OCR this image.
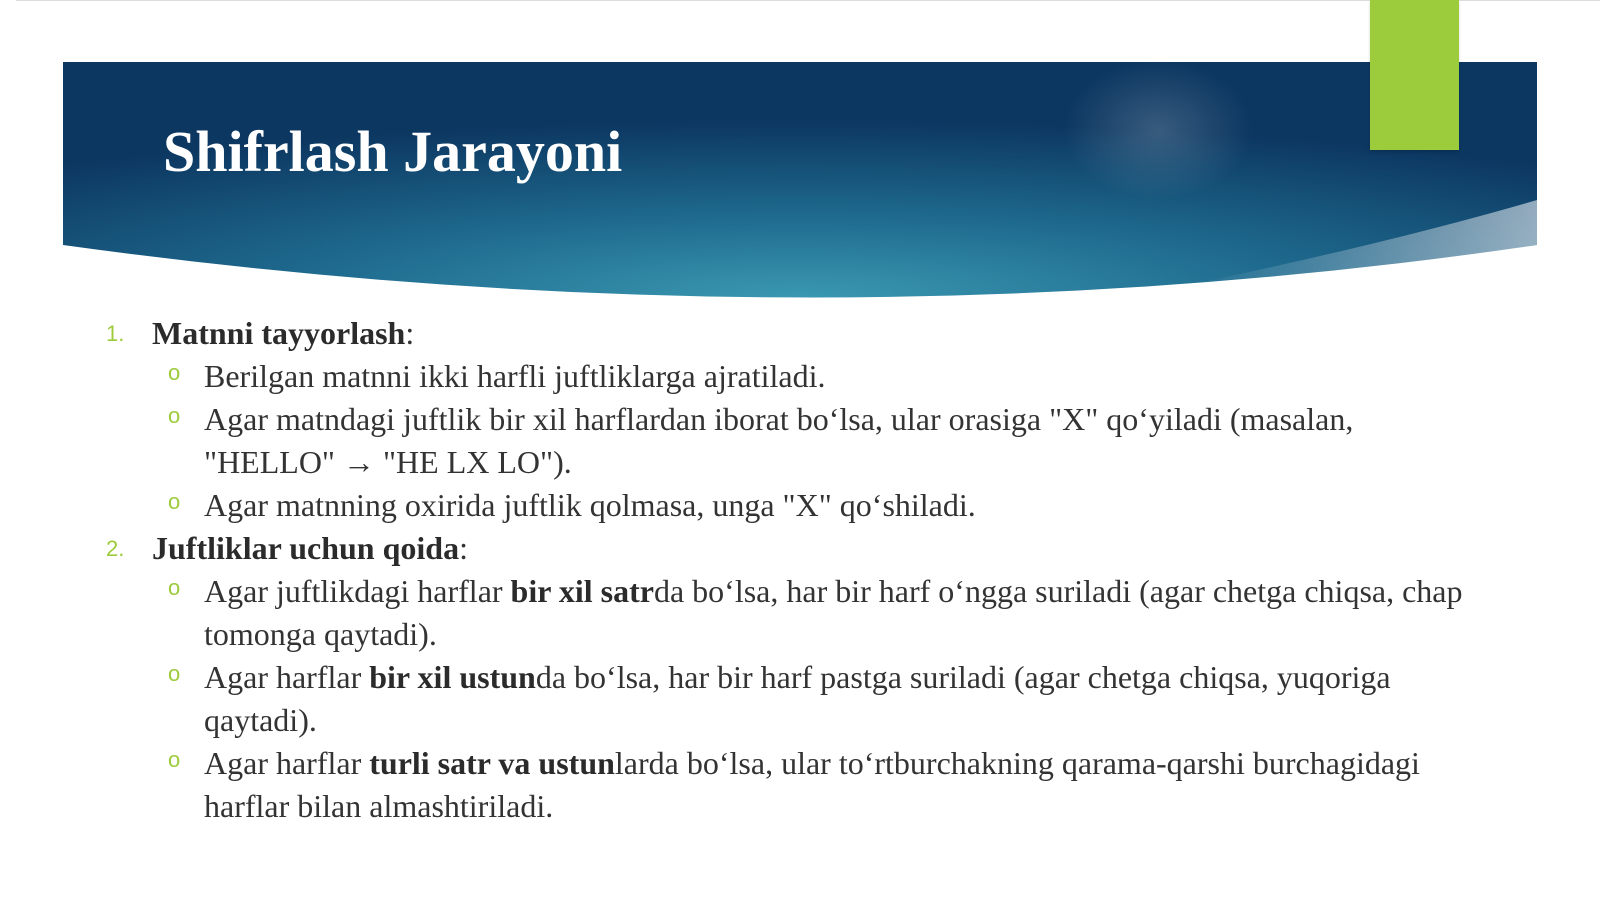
Shifrlash Jarayoni
1. Matnni tayyorlash:
o Berilgan matnni ikki harfli juftliklarga ajratiladi.
o Agar matndagi juftlik bir xil harflardan iborat bo‘lsa, ular orasiga "X" qo‘yiladi (masalan,
"HELLO" → "HE LX LO").
o Agar matnning oxirida juftlik qolmasa, unga "X" qo‘shiladi.
2. Juftliklar uchun qoida:
o Agar juftlikdagi harflar bir xil satrda bo‘lsa, har bir harf o‘ngga suriladi (agar chetga chiqsa, chap
tomonga qaytadi).
o Agar harflar bir xil ustunda bo‘lsa, har bir harf pastga suriladi (agar chetga chiqsa, yuqoriga
qaytadi).
o Agar harflar turli satr va ustunlarda bo‘lsa, ular to‘rtburchakning qarama-qarshi burchagidagi
harflar bilan almashtiriladi.
